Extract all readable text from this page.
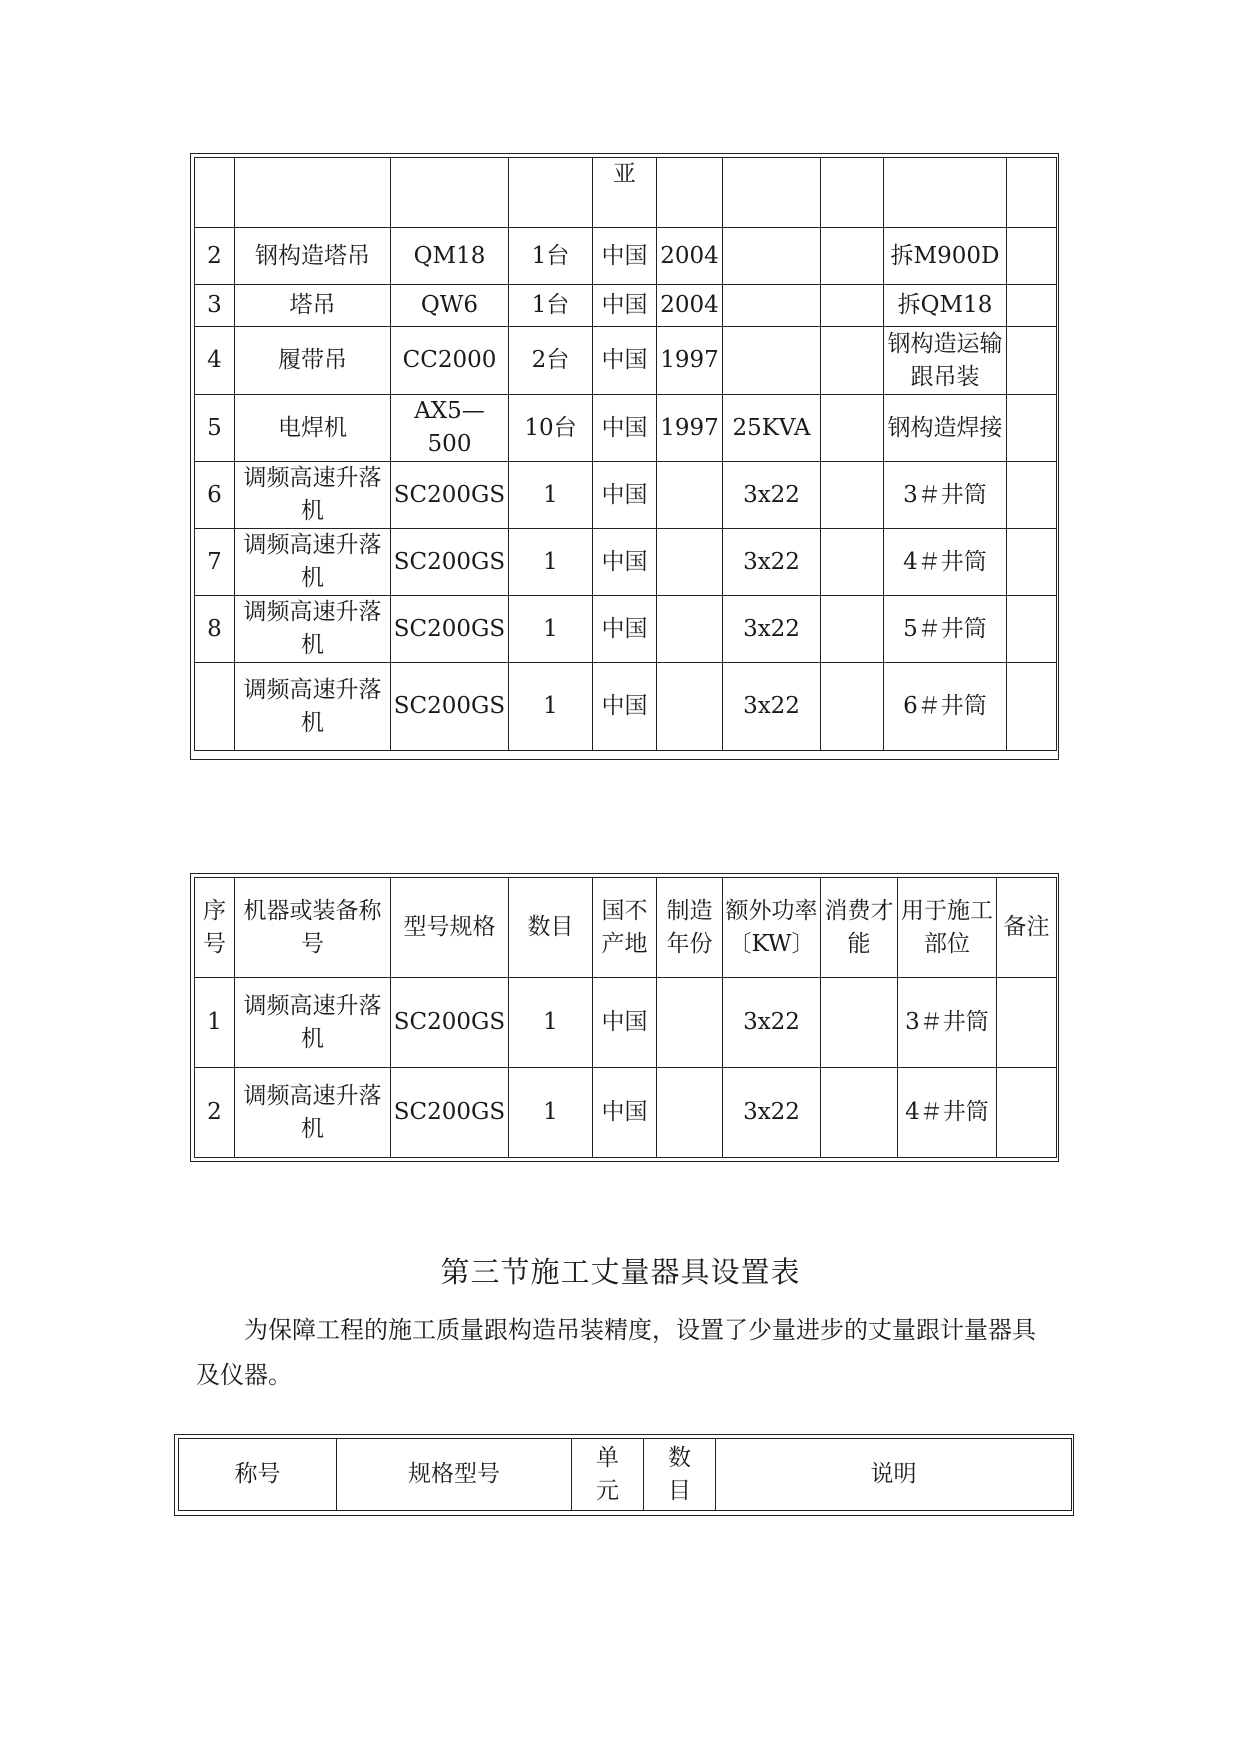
				亚					
2	钢构造塔吊	QM18	1台	中国	2004			拆M900D	
3	塔吊	QW6	1台	中国	2004			拆QM18	
4	履带吊	CC2000	2台	中国	1997			钢构造运输跟吊装	
5	电焊机	AX5—500	10台	中国	1997	25KVA		钢构造焊接	
6	调频高速升落机	SC200GS	1	中国		3x22		3＃井筒	
7	调频高速升落机	SC200GS	1	中国		3x22		4＃井筒	
8	调频高速升落机	SC200GS	1	中国		3x22		5＃井筒	
	调频高速升落机	SC200GS	1	中国		3x22		6＃井筒	
序号	机器或装备称号	型号规格	数目	国不产地	制造年份	额外功率〔KW〕	消费才能	用于施工部位	备注
1	调频高速升落机	SC200GS	1	中国		3x22		3＃井筒	
2	调频高速升落机	SC200GS	1	中国		3x22		4＃井筒	
第三节施工丈量器具设置表

为保障工程的施工质量跟构造吊装精度，设置了少量进步的丈量跟计量器具及仪器。

称号	规格型号	单元	数目	说明
